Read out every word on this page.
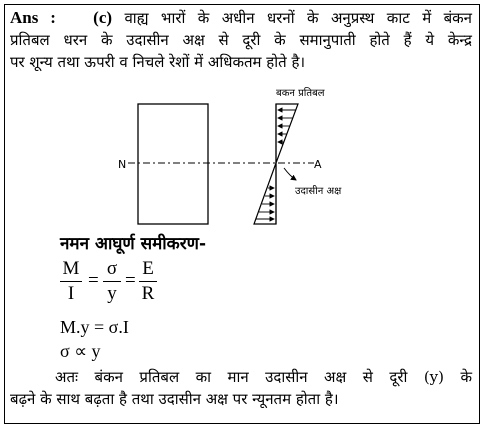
Ans : (c) वाह्य भारों के अधीन धरनों के अनुप्रस्थ काट में बंकन
प्रतिबल धरन के उदासीन अक्ष से दूरी के समानुपाती होते हैं ये केन्द्र
पर शून्य तथा ऊपरी व निचले रेशों में अधिकतम होते है।
N	A
बकन प्रतिबल
उदासीन अक्ष
नमन आघूर्ण समीकरण-
M
I
=
σ
y
=
E
R
M.y = σ.I
σ ∝ y
अतः बंकन प्रतिबल का मान उदासीन अक्ष से दूरी (y) के
बढ़ने के साथ बढ़ता है तथा उदासीन अक्ष पर न्यूनतम होता है।
